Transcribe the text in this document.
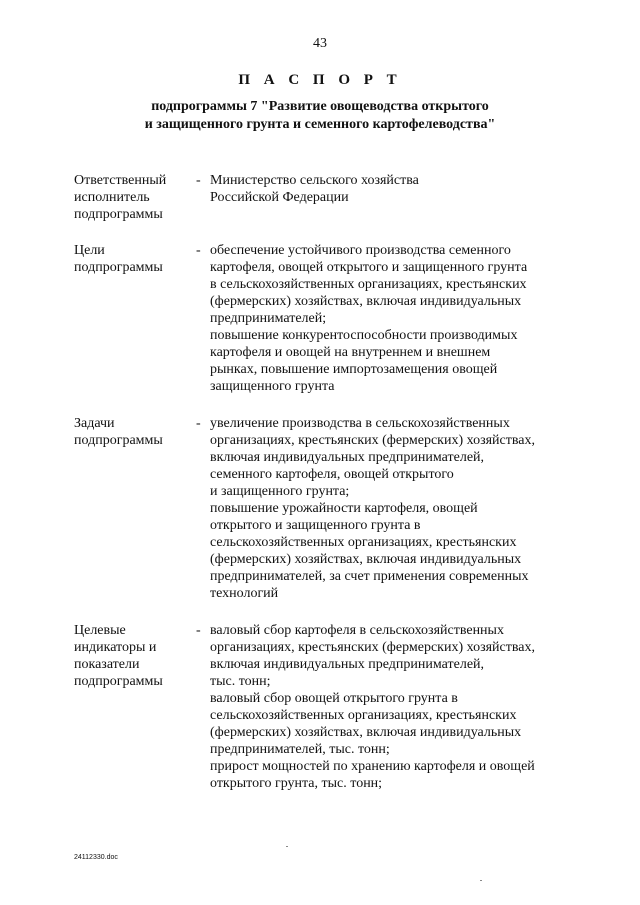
43
П А С П О Р Т
подпрограммы 7 "Развитие овощеводства открытого
и защищенного грунта и семенного картофелеводства"
Ответственный
исполнитель
подпрограммы
- Министерство сельского хозяйства
Российской Федерации
Цели
подпрограммы
- обеспечение устойчивого производства семенного
картофеля, овощей открытого и защищенного грунта
в сельскохозяйственных организациях, крестьянских
(фермерских) хозяйствах, включая индивидуальных
предпринимателей;
повышение конкурентоспособности производимых
картофеля и овощей на внутреннем и внешнем
рынках, повышение импортозамещения овощей
защищенного грунта
Задачи
подпрограммы
- увеличение производства в сельскохозяйственных
организациях, крестьянских (фермерских) хозяйствах,
включая индивидуальных предпринимателей,
семенного картофеля, овощей открытого
и защищенного грунта;
повышение урожайности картофеля, овощей
открытого и защищенного грунта в
сельскохозяйственных организациях, крестьянских
(фермерских) хозяйствах, включая индивидуальных
предпринимателей, за счет применения современных
технологий
Целевые
индикаторы и
показатели
подпрограммы
- валовый сбор картофеля в сельскохозяйственных
организациях, крестьянских (фермерских) хозяйствах,
включая индивидуальных предпринимателей,
тыс. тонн;
валовый сбор овощей открытого грунта в
сельскохозяйственных организациях, крестьянских
(фермерских) хозяйствах, включая индивидуальных
предпринимателей, тыс. тонн;
прирост мощностей по хранению картофеля и овощей
открытого грунта, тыс. тонн;
24112330.doc
